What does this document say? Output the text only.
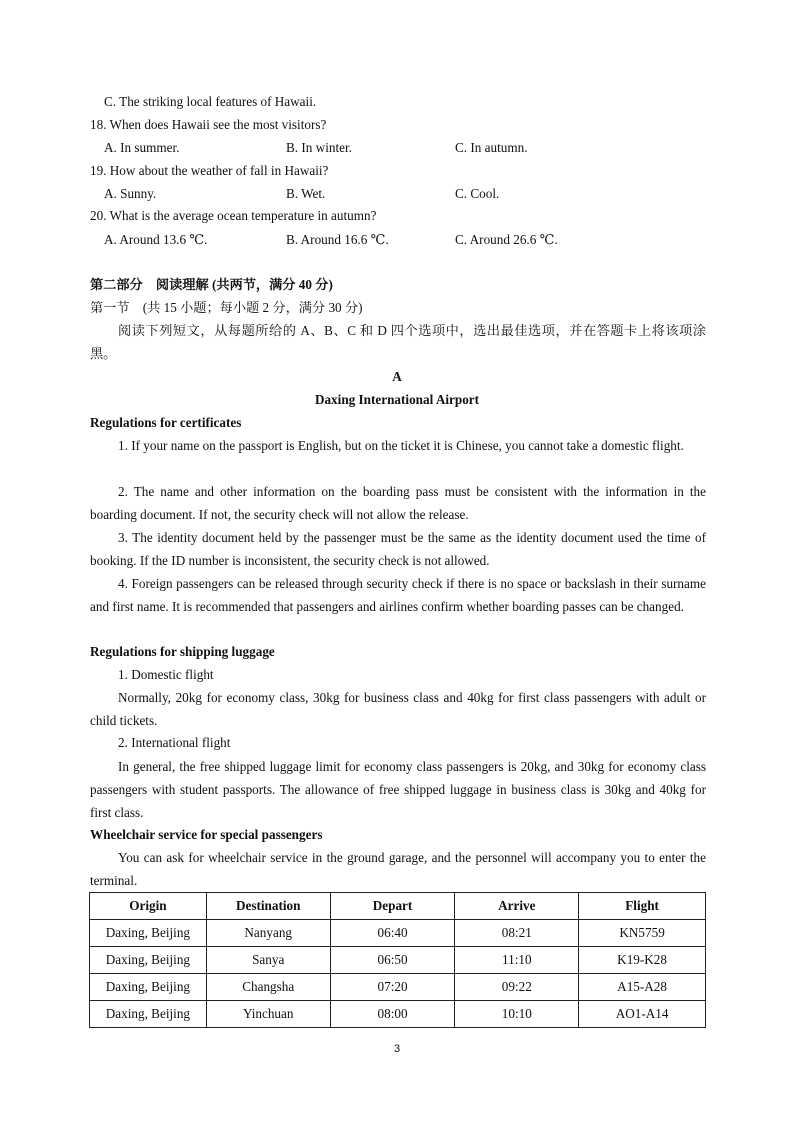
C. The striking local features of Hawaii.
18. When does Hawaii see the most visitors?
A. In summer.	B. In winter.	C. In autumn.
19. How about the weather of fall in Hawaii?
A. Sunny.	B. Wet.	C. Cool.
20. What is the average ocean temperature in autumn?
A. Around 13.6 ℃.	B. Around 16.6 ℃.	C. Around 26.6 ℃.
第二部分　阅读理解 (共两节，满分 40 分)
第一节　(共 15 小题；每小题 2 分，满分 30 分)
阅读下列短文，从每题所给的 A、B、C 和 D 四个选项中，选出最佳选项，并在答题卡上将该项涂黑。
A
Daxing International Airport
Regulations for certificates
1. If your name on the passport is English, but on the ticket it is Chinese, you cannot take a domestic flight.
2. The name and other information on the boarding pass must be consistent with the information in the boarding document. If not, the security check will not allow the release.
3. The identity document held by the passenger must be the same as the identity document used the time of booking. If the ID number is inconsistent, the security check is not allowed.
4. Foreign passengers can be released through security check if there is no space or backslash in their surname and first name. It is recommended that passengers and airlines confirm whether boarding passes can be changed.
Regulations for shipping luggage
1. Domestic flight
Normally, 20kg for economy class, 30kg for business class and 40kg for first class passengers with adult or child tickets.
2. International flight
In general, the free shipped luggage limit for economy class passengers is 20kg, and 30kg for economy class passengers with student passports. The allowance of free shipped luggage in business class is 30kg and 40kg for first class.
Wheelchair service for special passengers
You can ask for wheelchair service in the ground garage, and the personnel will accompany you to enter the terminal.
Origin	Destination	Depart	Arrive	Flight
Daxing, Beijing	Nanyang	06:40	08:21	KN5759
Daxing, Beijing	Sanya	06:50	11:10	K19-K28
Daxing, Beijing	Changsha	07:20	09:22	A15-A28
Daxing, Beijing	Yinchuan	08:00	10:10	AO1-A14
3
